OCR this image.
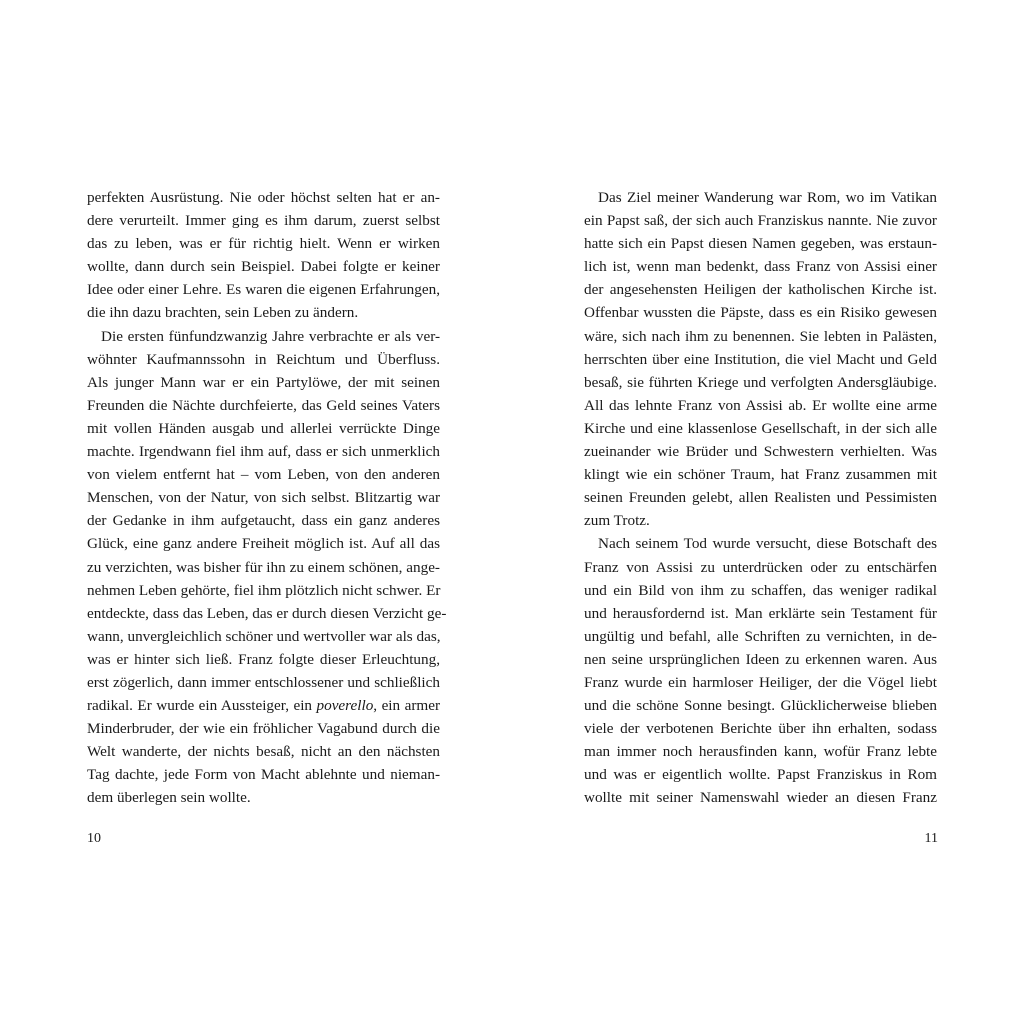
perfekten Ausrüstung. Nie oder höchst selten hat er an-
dere verurteilt. Immer ging es ihm darum, zuerst selbst
das zu leben, was er für richtig hielt. Wenn er wirken
wollte, dann durch sein Beispiel. Dabei folgte er keiner
Idee oder einer Lehre. Es waren die eigenen Erfahrungen,
die ihn dazu brachten, sein Leben zu ändern.
Die ersten fünfundzwanzig Jahre verbrachte er als ver-
wöhnter Kaufmannssohn in Reichtum und Überfluss.
Als junger Mann war er ein Partylöwe, der mit seinen
Freunden die Nächte durchfeierte, das Geld seines Vaters
mit vollen Händen ausgab und allerlei verrückte Dinge
machte. Irgendwann fiel ihm auf, dass er sich unmerklich
von vielem entfernt hat – vom Leben, von den anderen
Menschen, von der Natur, von sich selbst. Blitzartig war
der Gedanke in ihm aufgetaucht, dass ein ganz anderes
Glück, eine ganz andere Freiheit möglich ist. Auf all das
zu verzichten, was bisher für ihn zu einem schönen, ange-
nehmen Leben gehörte, fiel ihm plötzlich nicht schwer. Er
entdeckte, dass das Leben, das er durch diesen Verzicht ge-
wann, unvergleichlich schöner und wertvoller war als das,
was er hinter sich ließ. Franz folgte dieser Erleuchtung,
erst zögerlich, dann immer entschlossener und schließlich
radikal. Er wurde ein Aussteiger, ein poverello, ein armer
Minderbruder, der wie ein fröhlicher Vagabund durch die
Welt wanderte, der nichts besaß, nicht an den nächsten
Tag dachte, jede Form von Macht ablehnte und nieman-
dem überlegen sein wollte.
10
Das Ziel meiner Wanderung war Rom, wo im Vatikan
ein Papst saß, der sich auch Franziskus nannte. Nie zuvor
hatte sich ein Papst diesen Namen gegeben, was erstaun-
lich ist, wenn man bedenkt, dass Franz von Assisi einer
der angesehensten Heiligen der katholischen Kirche ist.
Offenbar wussten die Päpste, dass es ein Risiko gewesen
wäre, sich nach ihm zu benennen. Sie lebten in Palästen,
herrschten über eine Institution, die viel Macht und Geld
besaß, sie führten Kriege und verfolgten Andersgläubige.
All das lehnte Franz von Assisi ab. Er wollte eine arme
Kirche und eine klassenlose Gesellschaft, in der sich alle
zueinander wie Brüder und Schwestern verhielten. Was
klingt wie ein schöner Traum, hat Franz zusammen mit
seinen Freunden gelebt, allen Realisten und Pessimisten
zum Trotz.
Nach seinem Tod wurde versucht, diese Botschaft des
Franz von Assisi zu unterdrücken oder zu entschärfen
und ein Bild von ihm zu schaffen, das weniger radikal
und herausfordernd ist. Man erklärte sein Testament für
ungültig und befahl, alle Schriften zu vernichten, in de-
nen seine ursprünglichen Ideen zu erkennen waren. Aus
Franz wurde ein harmloser Heiliger, der die Vögel liebt
und die schöne Sonne besingt. Glücklicherweise blieben
viele der verbotenen Berichte über ihn erhalten, sodass
man immer noch herausfinden kann, wofür Franz lebte
und was er eigentlich wollte. Papst Franziskus in Rom
wollte mit seiner Namenswahl wieder an diesen Franz
11
